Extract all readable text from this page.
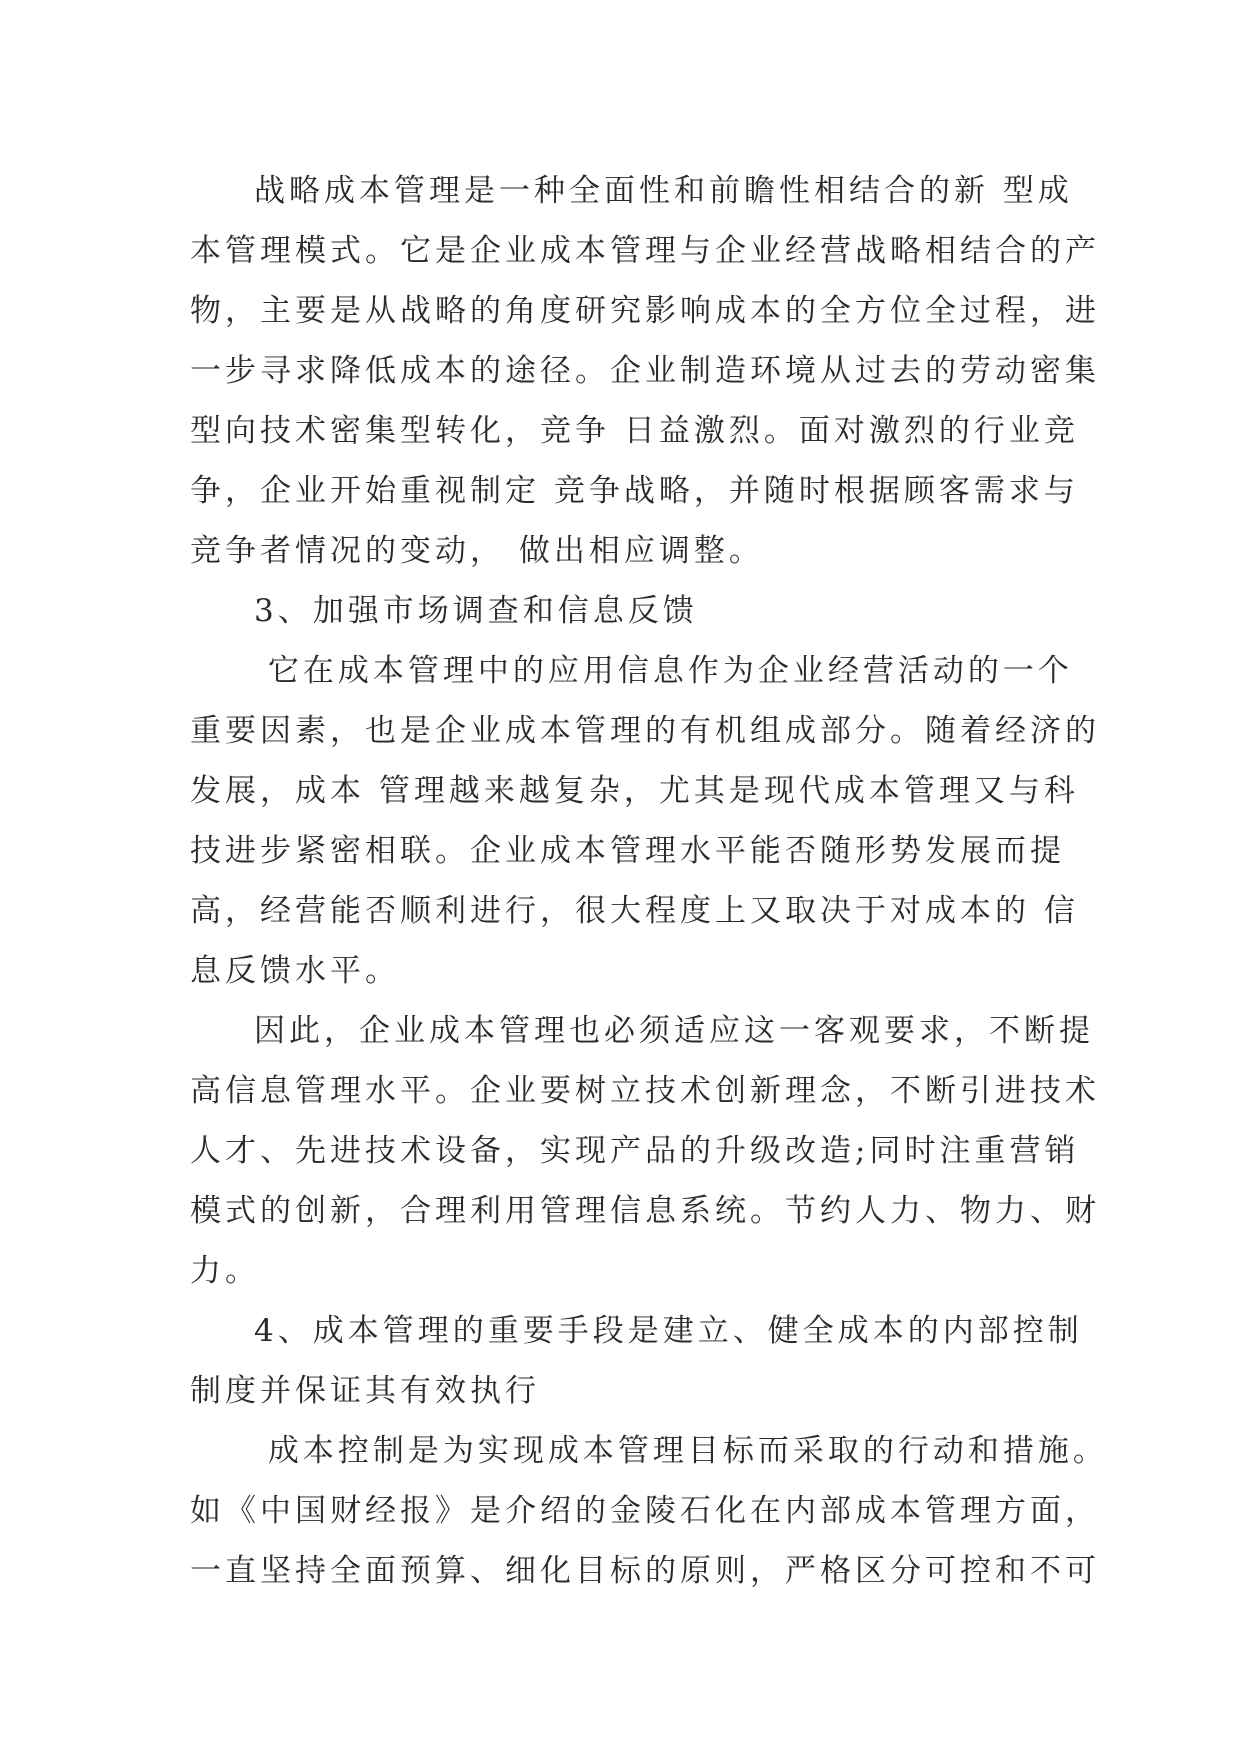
战略成本管理是一种全面性和前瞻性相结合的新 型成
本管理模式。它是企业成本管理与企业经营战略相结合的产
物，主要是从战略的角度研究影响成本的全方位全过程，进
一步寻求降低成本的途径。企业制造环境从过去的劳动密集
型向技术密集型转化，竞争 日益激烈。面对激烈的行业竞
争，企业开始重视制定 竞争战略，并随时根据顾客需求与
竞争者情况的变动， 做出相应调整。
3、加强市场调查和信息反馈
它在成本管理中的应用信息作为企业经营活动的一个
重要因素，也是企业成本管理的有机组成部分。随着经济的
发展，成本 管理越来越复杂，尤其是现代成本管理又与科
技进步紧密相联。企业成本管理水平能否随形势发展而提
高，经营能否顺利进行，很大程度上又取决于对成本的 信
息反馈水平。
因此，企业成本管理也必须适应这一客观要求，不断提
高信息管理水平。企业要树立技术创新理念，不断引进技术
人才、先进技术设备，实现产品的升级改造;同时注重营销
模式的创新，合理利用管理信息系统。节约人力、物力、财
力。
4、成本管理的重要手段是建立、健全成本的内部控制
制度并保证其有效执行
成本控制是为实现成本管理目标而采取的行动和措施。
如《中国财经报》是介绍的金陵石化在内部成本管理方面，
一直坚持全面预算、细化目标的原则，严格区分可控和不可
